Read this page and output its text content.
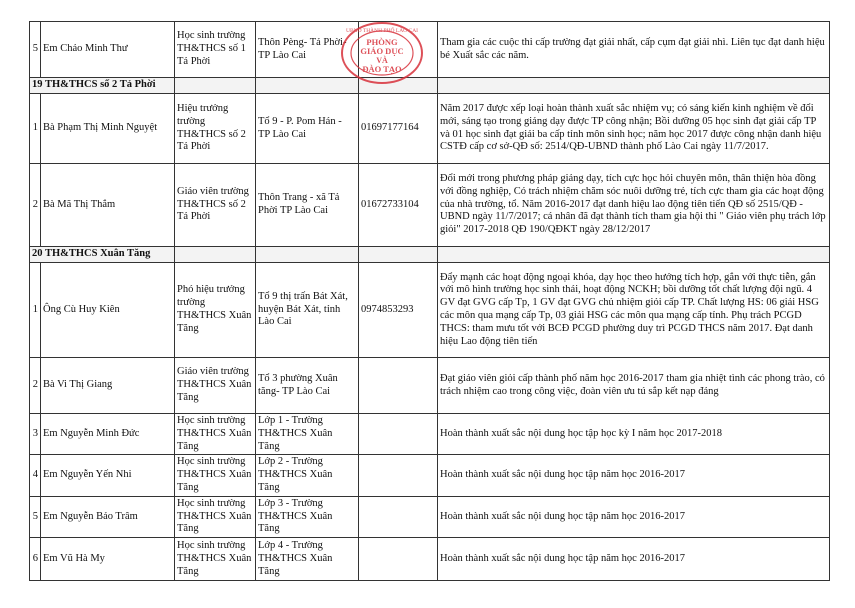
5	Em Chảo Minh Thư	Học sinh trường TH&THCS số 1 Tả Phời	Thôn Pèng- Tả Phời-TP Lào Cai		Tham gia các cuộc thi cấp trường đạt giải nhất, cấp cụm đạt giải nhì. Liên tục đạt danh hiệu bé Xuất sắc các năm.
19 TH&THCS số 2 Tả Phời					
1	Bà Phạm Thị Minh Nguyệt	Hiệu trưởng trường TH&THCS số 2 Tả Phời	Tổ 9 - P. Pom Hán - TP Lào Cai	01697177164	Năm 2017 được xếp loại hoàn thành xuất sắc nhiệm vụ; có sáng kiến kinh nghiệm về đổi mới, sáng tạo trong giảng dạy được TP công nhận; Bồi dưỡng 05 học sinh đạt giải cấp TP và 01 học sinh đạt giải ba cấp tỉnh môn sinh học; năm học 2017 được công nhận danh hiệu CSTĐ cấp cơ sở-QĐ số: 2514/QĐ-UBND thành phố Lào Cai ngày 11/7/2017.
2	Bà Mã Thị Thắm	Giáo viên trường TH&THCS số 2 Tả Phời	Thôn Trang - xã Tả Phời TP Lào Cai	01672733104	Đổi mới trong phương pháp giảng dạy, tích cực học hỏi chuyên môn, thân thiện hòa đồng với đồng nghiệp, Có trách nhiệm chăm sóc nuôi dưỡng trẻ, tích cực tham gia các hoạt động của nhà trường, tổ. Năm 2016-2017 đạt danh hiệu lao động tiên tiến QĐ số 2515/QĐ - UBND ngày 11/7/2017; cá nhân đã đạt thành tích tham gia hội thi " Giáo viên phụ trách lớp giỏi" 2017-2018 QĐ 190/QĐKT ngày 28/12/2017
20 TH&THCS Xuân Tăng					
1	Ông Cù Huy Kiên	Phó hiệu trưởng trường TH&THCS Xuân Tăng	Tổ 9 thị trấn Bát Xát, huyện Bát Xát, tỉnh Lào Cai	0974853293	Đẩy mạnh các hoạt động ngoại khóa, dạy học theo hướng tích hợp, gắn với thực tiễn, gắn với mô hình trường học sinh thái, hoạt động NCKH; bồi dưỡng tốt chất lượng đội ngũ. 4 GV đạt GVG cấp Tp, 1 GV đạt GVG chủ nhiệm giỏi cấp TP. Chất lượng HS: 06 giải HSG các môn qua mạng cấp Tp, 03 giải HSG các môn qua mạng cấp tỉnh. Phụ trách PCGD THCS: tham mưu tốt với BCĐ PCGD phường duy trì PCGD THCS năm 2017. Đạt danh hiệu Lao động tiên tiến
2	Bà Vi Thị Giang	Giáo viên trường TH&THCS Xuân Tăng	Tổ 3 phường Xuân tăng- TP Lào Cai		Đạt giáo viên giỏi cấp thành phố năm học 2016-2017 tham gia nhiệt tình các phong trào, có trách nhiệm cao trong công việc, đoàn viên ưu tú sắp kết nạp đảng
3	Em Nguyễn Minh Đức	Học sinh trường TH&THCS Xuân Tăng	Lớp 1 - Trường TH&THCS Xuân Tăng		Hoàn thành xuất sắc nội dung học tập học kỳ I năm học 2017-2018
4	Em Nguyễn Yến Nhi	Học sinh trường TH&THCS Xuân Tăng	Lớp 2 - Trường TH&THCS Xuân Tăng		Hoàn thành xuất sắc nội dung học tập năm học 2016-2017
5	Em Nguyễn Bảo Trâm	Học sinh trường TH&THCS Xuân Tăng	Lớp 3 - Trường TH&THCS Xuân Tăng		Hoàn thành xuất sắc nội dung học tập năm học 2016-2017
6	Em Vũ Hà My	Học sinh trường TH&THCS Xuân Tăng	Lớp 4 - Trường TH&THCS Xuân Tăng		Hoàn thành xuất sắc nội dung học tập năm học 2016-2017
UBND THÀNH PHỐ LÀO CAI
PHÒNG
GIÁO DỤC
VÀ
ĐÀO TẠO
